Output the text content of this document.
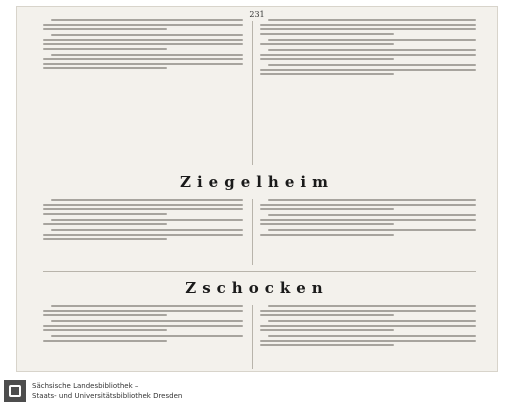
231
Ziegelheim
Zschocken
Sächsische Landesbibliothek –
Staats- und Universitätsbibliothek Dresden
